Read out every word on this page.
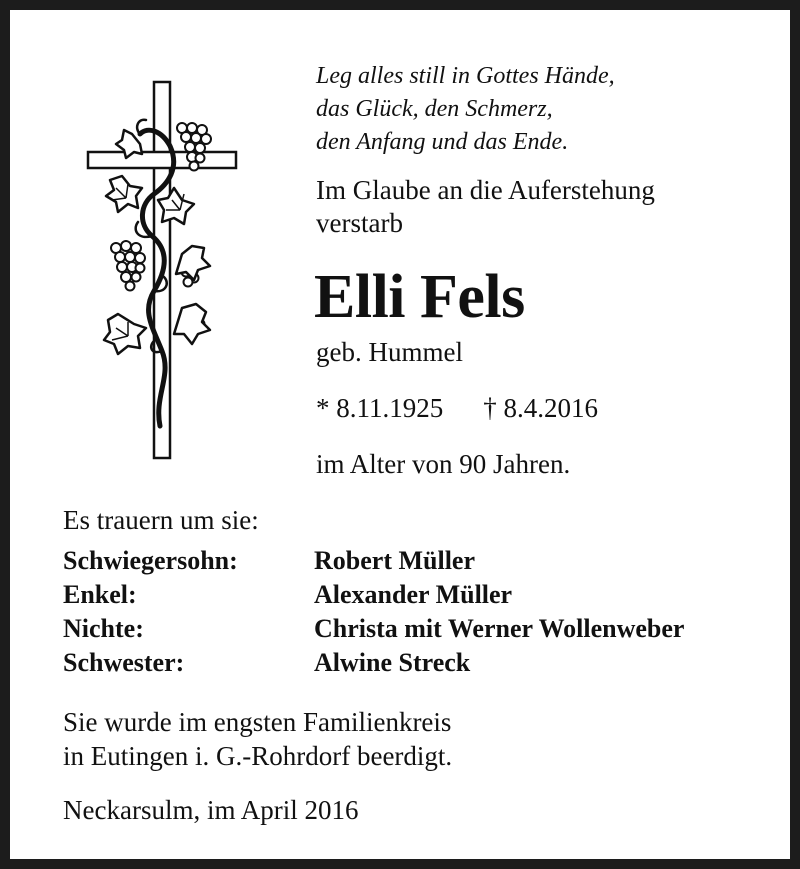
Leg alles still in Gottes Hände,
das Glück, den Schmerz,
den Anfang und das Ende.
Im Glaube an die Auferstehung
verstarb
Elli Fels
geb. Hummel
* 8.11.1925 † 8.4.2016
im Alter von 90 Jahren.
Es trauern um sie:
Schwiegersohn:	Robert Müller
Enkel:	Alexander Müller
Nichte:	Christa mit Werner Wollenweber
Schwester:	Alwine Streck
Sie wurde im engsten Familienkreis
in Eutingen i. G.-Rohrdorf beerdigt.
Neckarsulm, im April 2016
